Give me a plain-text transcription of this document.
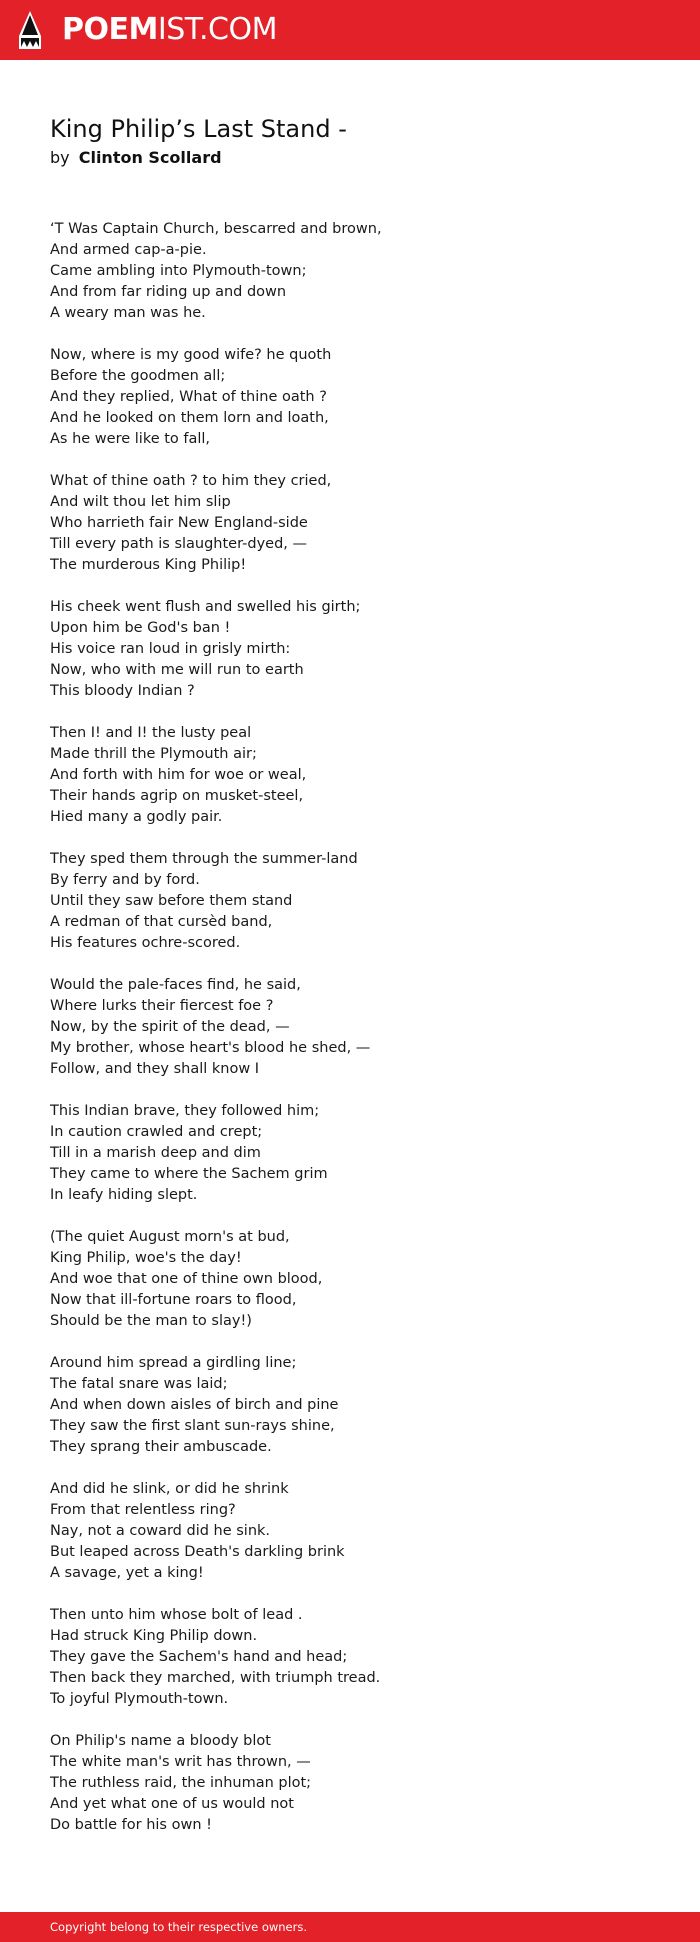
POEMIST.COM
King Philip’s Last Stand -
by Clinton Scollard
‘T Was Captain Church, bescarred and brown,
And armed cap-a-pie.
Came ambling into Plymouth-town;
And from far riding up and down
A weary man was he.
Now, where is my good wife? he quoth
Before the goodmen all;
And they replied, What of thine oath ?
And he looked on them lorn and loath,
As he were like to fall,
What of thine oath ? to him they cried,
And wilt thou let him slip
Who harrieth fair New England-side
Till every path is slaughter-dyed, —
The murderous King Philip!
His cheek went flush and swelled his girth;
Upon him be God's ban !
His voice ran loud in grisly mirth:
Now, who with me will run to earth
This bloody Indian ?
Then I! and I! the lusty peal
Made thrill the Plymouth air;
And forth with him for woe or weal,
Their hands agrip on musket-steel,
Hied many a godly pair.
They sped them through the summer-land
By ferry and by ford.
Until they saw before them stand
A redman of that cursèd band,
His features ochre-scored.
Would the pale-faces find, he said,
Where lurks their fiercest foe ?
Now, by the spirit of the dead, —
My brother, whose heart's blood he shed, —
Follow, and they shall know I
This Indian brave, they followed him;
In caution crawled and crept;
Till in a marish deep and dim
They came to where the Sachem grim
In leafy hiding slept.
(The quiet August morn's at bud,
King Philip, woe's the day!
And woe that one of thine own blood,
Now that ill-fortune roars to flood,
Should be the man to slay!)
Around him spread a girdling line;
The fatal snare was laid;
And when down aisles of birch and pine
They saw the first slant sun-rays shine,
They sprang their ambuscade.
And did he slink, or did he shrink
From that relentless ring?
Nay, not a coward did he sink.
But leaped across Death's darkling brink
A savage, yet a king!
Then unto him whose bolt of lead .
Had struck King Philip down.
They gave the Sachem's hand and head;
Then back they marched, with triumph tread.
To joyful Plymouth-town.
On Philip's name a bloody blot
The white man's writ has thrown, —
The ruthless raid, the inhuman plot;
And yet what one of us would not
Do battle for his own !
Copyright belong to their respective owners.
